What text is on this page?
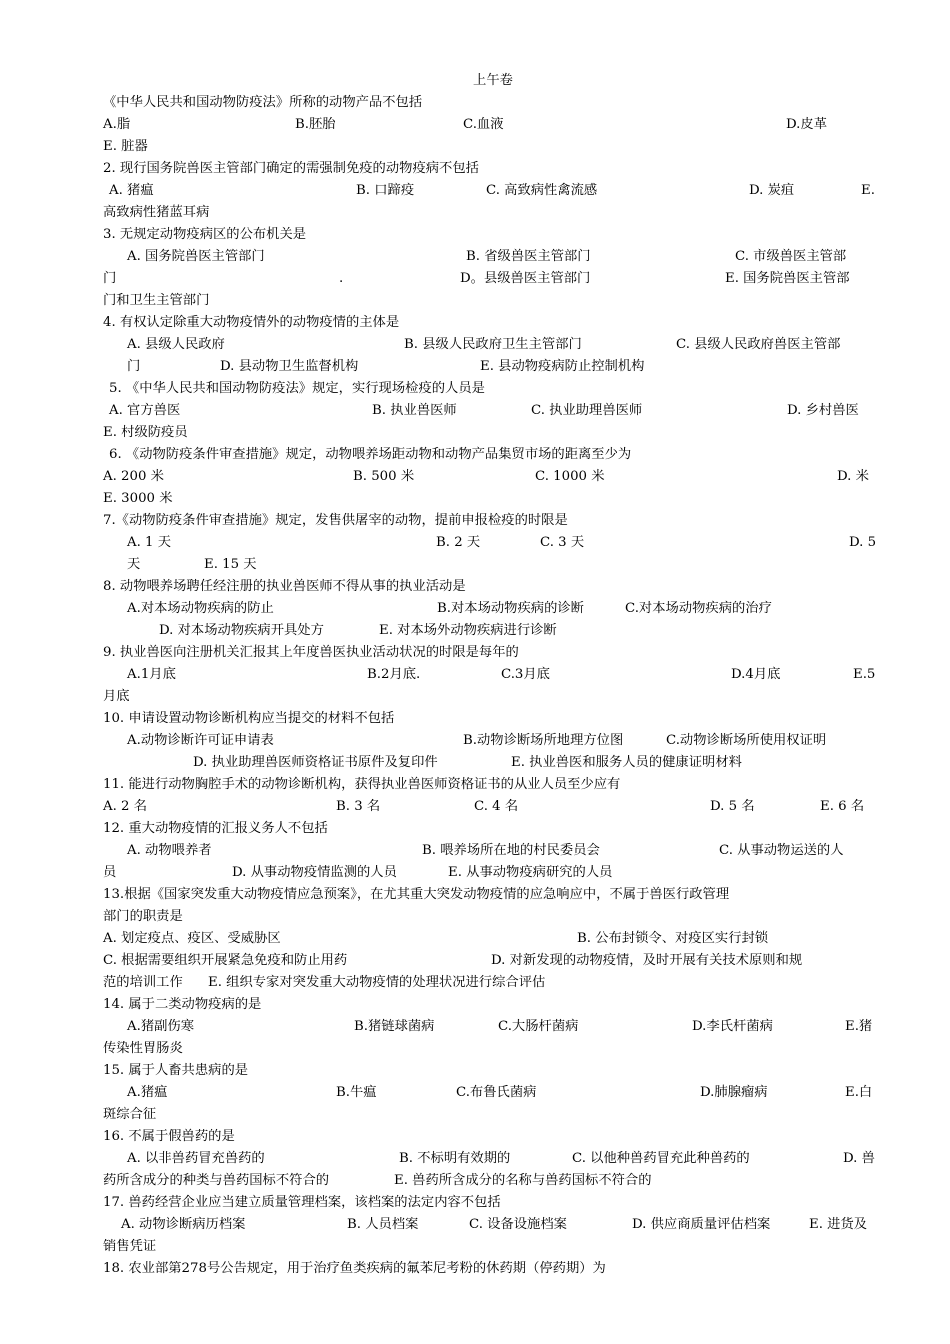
上午卷
《中华人民共和国动物防疫法》所称的动物产品不包括
A.脂	B.胚胎	C.血液	D.皮革
E. 脏器
2. 现行国务院兽医主管部门确定的需强制免疫的动物疫病不包括
A. 猪瘟	B. 口蹄疫	C. 高致病性禽流感	D. 炭疽	E.
高致病性猪蓝耳病
3. 无规定动物疫病区的公布机关是
A. 国务院兽医主管部门	B. 省级兽医主管部门	C. 市级兽医主管部
门	.	D。县级兽医主管部门	E. 国务院兽医主管部
门和卫生主管部门
4. 有权认定除重大动物疫情外的动物疫情的主体是
A. 县级人民政府	B. 县级人民政府卫生主管部门	C. 县级人民政府兽医主管部
门	D. 县动物卫生监督机构	E. 县动物疫病防止控制机构
5. 《中华人民共和国动物防疫法》规定，实行现场检疫的人员是
A. 官方兽医	B. 执业兽医师	C. 执业助理兽医师	D. 乡村兽医
E. 村级防疫员
6. 《动物防疫条件审查措施》规定，动物喂养场距动物和动物产品集贸市场的距离至少为
A. 200 米	B. 500 米	C. 1000 米	D. 米
E. 3000 米
7.《动物防疫条件审查措施》规定，发售供屠宰的动物，提前申报检疫的时限是
A. 1 天	B. 2 天	C. 3 天	D. 5
天	E. 15 天
8. 动物喂养场聘任经注册的执业兽医师不得从事的执业活动是
A.对本场动物疾病的防止	B.对本场动物疾病的诊断	C.对本场动物疾病的治疗
D. 对本场动物疾病开具处方	E. 对本场外动物疾病进行诊断
9. 执业兽医向注册机关汇报其上年度兽医执业活动状况的时限是每年的
A.1月底	B.2月底.	C.3月底	D.4月底	E.5
月底
10. 申请设置动物诊断机构应当提交的材料不包括
A.动物诊断许可证申请表	B.动物诊断场所地理方位图	C.动物诊断场所使用权证明
D. 执业助理兽医师资格证书原件及复印件	E. 执业兽医和服务人员的健康证明材料
11. 能进行动物胸腔手术的动物诊断机构，获得执业兽医师资格证书的从业人员至少应有
A. 2 名	B. 3 名	C. 4 名	D. 5 名	E. 6 名
12. 重大动物疫情的汇报义务人不包括
A. 动物喂养者	B. 喂养场所在地的村民委员会	C. 从事动物运送的人
员	D. 从事动物疫情监测的人员	E. 从事动物疫病研究的人员
13.根据《国家突发重大动物疫情应急预案》，在尤其重大突发动物疫情的应急响应中，不属于兽医行政管理
部门的职责是
A. 划定疫点、疫区、受威胁区	B. 公布封锁令、对疫区实行封锁
C. 根据需要组织开展紧急免疫和防止用药	D. 对新发现的动物疫情，及时开展有关技术原则和规
范的培训工作 E. 组织专家对突发重大动物疫情的处理状况进行综合评估
14. 属于二类动物疫病的是
A.猪副伤寒	B.猪链球菌病	C.大肠杆菌病	D.李氏杆菌病	E.猪
传染性胃肠炎
15. 属于人畜共患病的是
A.猪瘟	B.牛瘟	C.布鲁氏菌病	D.肺腺瘤病	E.白
斑综合征
16. 不属于假兽药的是
A. 以非兽药冒充兽药的	B. 不标明有效期的	C. 以他种兽药冒充此种兽药的	D. 兽
药所含成分的种类与兽药国标不符合的	E. 兽药所含成分的名称与兽药国标不符合的
17. 兽药经营企业应当建立质量管理档案，该档案的法定内容不包括
A. 动物诊断病历档案	B. 人员档案	C. 设备设施档案	D. 供应商质量评估档案	E. 进货及
销售凭证
18. 农业部第278号公告规定，用于治疗鱼类疾病的氟苯尼考粉的休药期（停药期）为
